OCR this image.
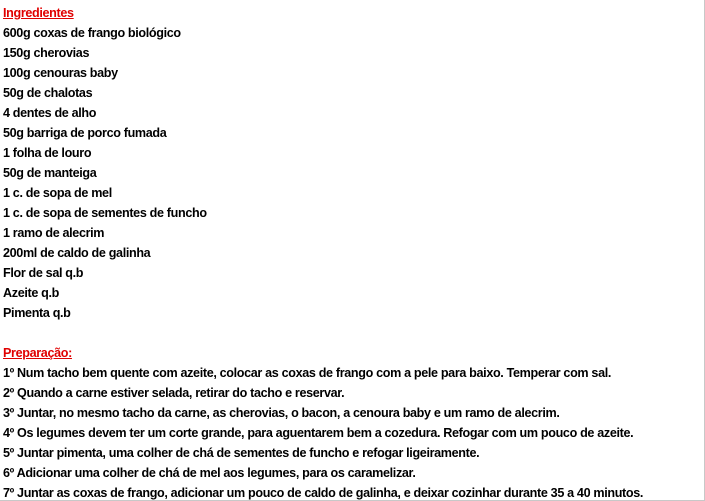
Ingredientes
600g coxas de frango biológico
150g cherovias
100g cenouras baby
50g de chalotas
4 dentes de alho
50g barriga de porco fumada
1 folha de louro
50g de manteiga
1 c. de sopa de mel
1 c. de sopa de sementes de funcho
1 ramo de alecrim
200ml de caldo de galinha
Flor de sal q.b
Azeite q.b
Pimenta q.b
Preparação:
1º Num tacho bem quente com azeite, colocar as coxas de frango com a pele para baixo. Temperar com sal.
2º Quando a carne estiver selada, retirar do tacho e reservar.
3º Juntar, no mesmo tacho da carne, as cherovias, o bacon, a cenoura baby e um ramo de alecrim.
4º Os legumes devem ter um corte grande, para aguentarem bem a cozedura. Refogar com um pouco de azeite.
5º Juntar pimenta, uma colher de chá de sementes de funcho e refogar ligeiramente.
6º Adicionar uma colher de chá de mel aos legumes, para os caramelizar.
7º Juntar as coxas de frango, adicionar um pouco de caldo de galinha, e deixar cozinhar durante 35 a 40 minutos.
